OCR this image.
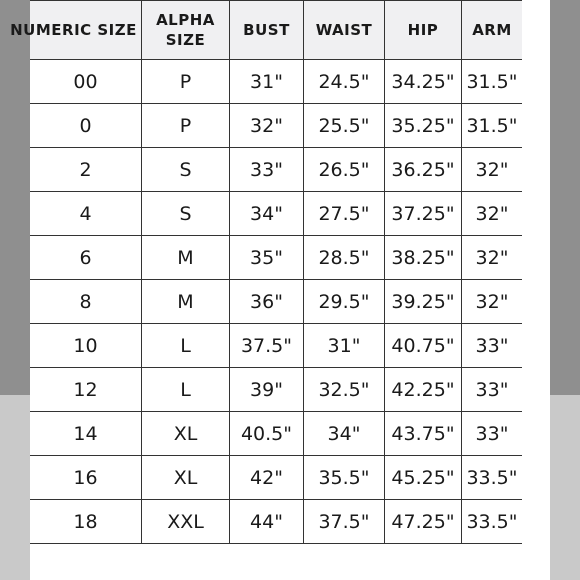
NUMERIC SIZE	ALPHA SIZE	BUST	WAIST	HIP	ARM
00	P	31"	24.5"	34.25"	31.5"
0	P	32"	25.5"	35.25"	31.5"
2	S	33"	26.5"	36.25"	32"
4	S	34"	27.5"	37.25"	32"
6	M	35"	28.5"	38.25"	32"
8	M	36"	29.5"	39.25"	32"
10	L	37.5"	31"	40.75"	33"
12	L	39"	32.5"	42.25"	33"
14	XL	40.5"	34"	43.75"	33"
16	XL	42"	35.5"	45.25"	33.5"
18	XXL	44"	37.5"	47.25"	33.5"
